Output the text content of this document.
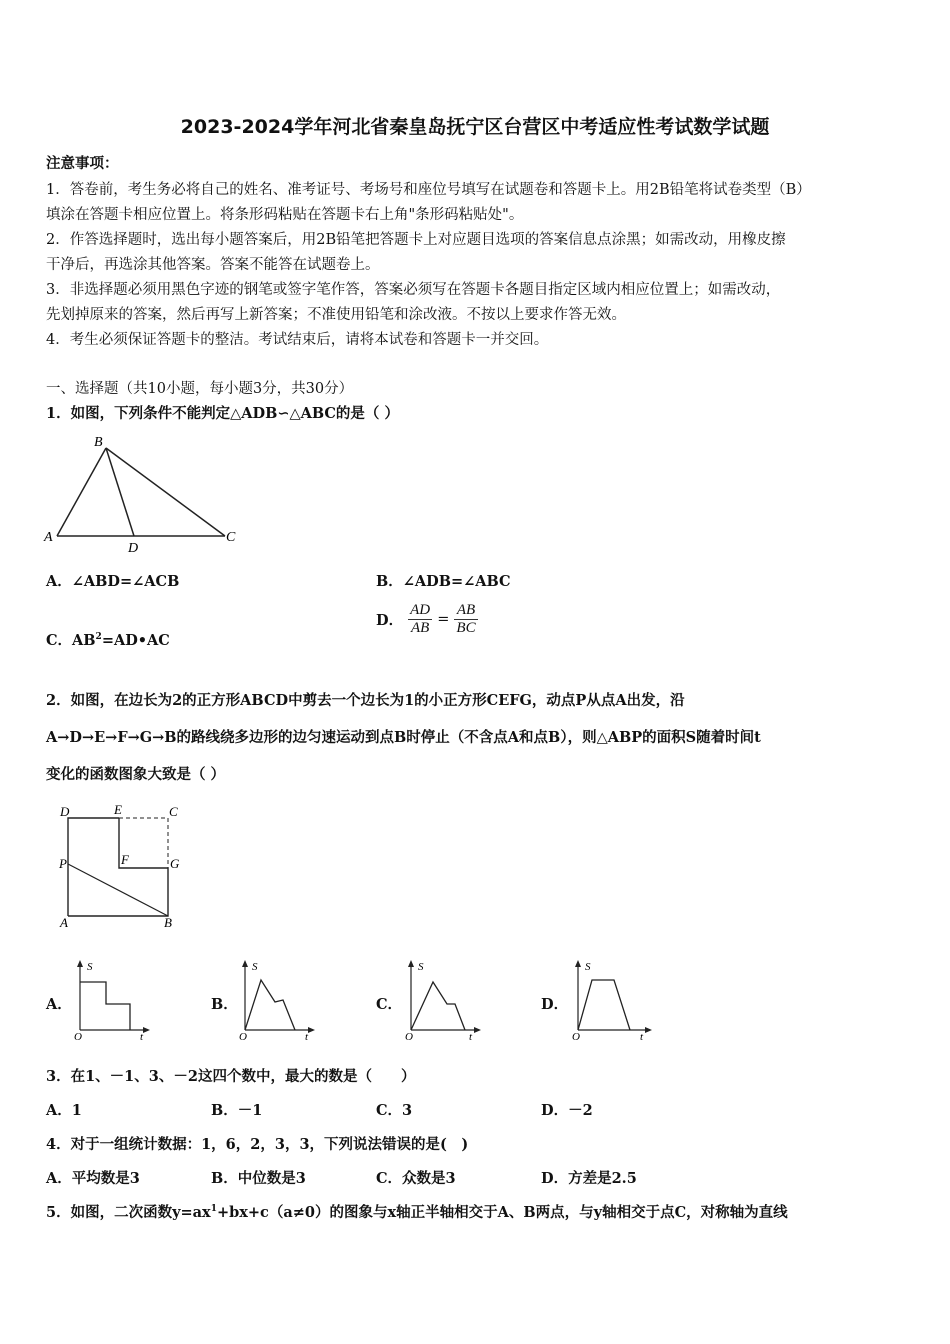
2023-2024学年河北省秦皇岛抚宁区台营区中考适应性考试数学试题
注意事项：
1．答卷前，考生务必将自己的姓名、准考证号、考场号和座位号填写在试题卷和答题卡上。用2B铅笔将试卷类型（B）
填涂在答题卡相应位置上。将条形码粘贴在答题卡右上角"条形码粘贴处"。
2．作答选择题时，选出每小题答案后，用2B铅笔把答题卡上对应题目选项的答案信息点涂黑；如需改动，用橡皮擦
干净后，再选涂其他答案。答案不能答在试题卷上。
3．非选择题必须用黑色字迹的钢笔或签字笔作答，答案必须写在答题卡各题目指定区域内相应位置上；如需改动，
先划掉原来的答案，然后再写上新答案；不准使用铅笔和涂改液。不按以上要求作答无效。
4．考生必须保证答题卡的整洁。考试结束后，请将本试卷和答题卡一并交回。
一、选择题（共10小题，每小题3分，共30分）
1．如图，下列条件不能判定△ADB∽△ABC的是（ ）
B
A
D
C
A．∠ABD=∠ACB	B．∠ADB=∠ABC
C．$AB^2=AD•AC$
D． $\frac{AD}{AB} = \frac{AB}{BC}$
2．如图，在边长为2的正方形ABCD中剪去一个边长为1的小正方形CEFG，动点P从点A出发，沿
A→D→E→F→G→B的路线绕多边形的边匀速运动到点B时停止（不含点A和点B），则△ABP的面积S随着时间t
变化的函数图象大致是（ ）
D	E	C
F	G
P
A	B
A．	B．	C．	D．
S
O	t
S
O	t
S
O	t
S
O	t
3．在1、－1、3、－2这四个数中，最大的数是（　　）
A．1	B．－1	C．3	D．－2
4．对于一组统计数据：1，6，2，3，3，下列说法错误的是(　)
A．平均数是3	B．中位数是3	C．众数是3	D．方差是2.5
5．如图，二次函数$y=ax^1+bx+c(a\ne 0)$的图象与x轴正半轴相交于A、B两点，与y轴相交于点C，对称轴为直线
